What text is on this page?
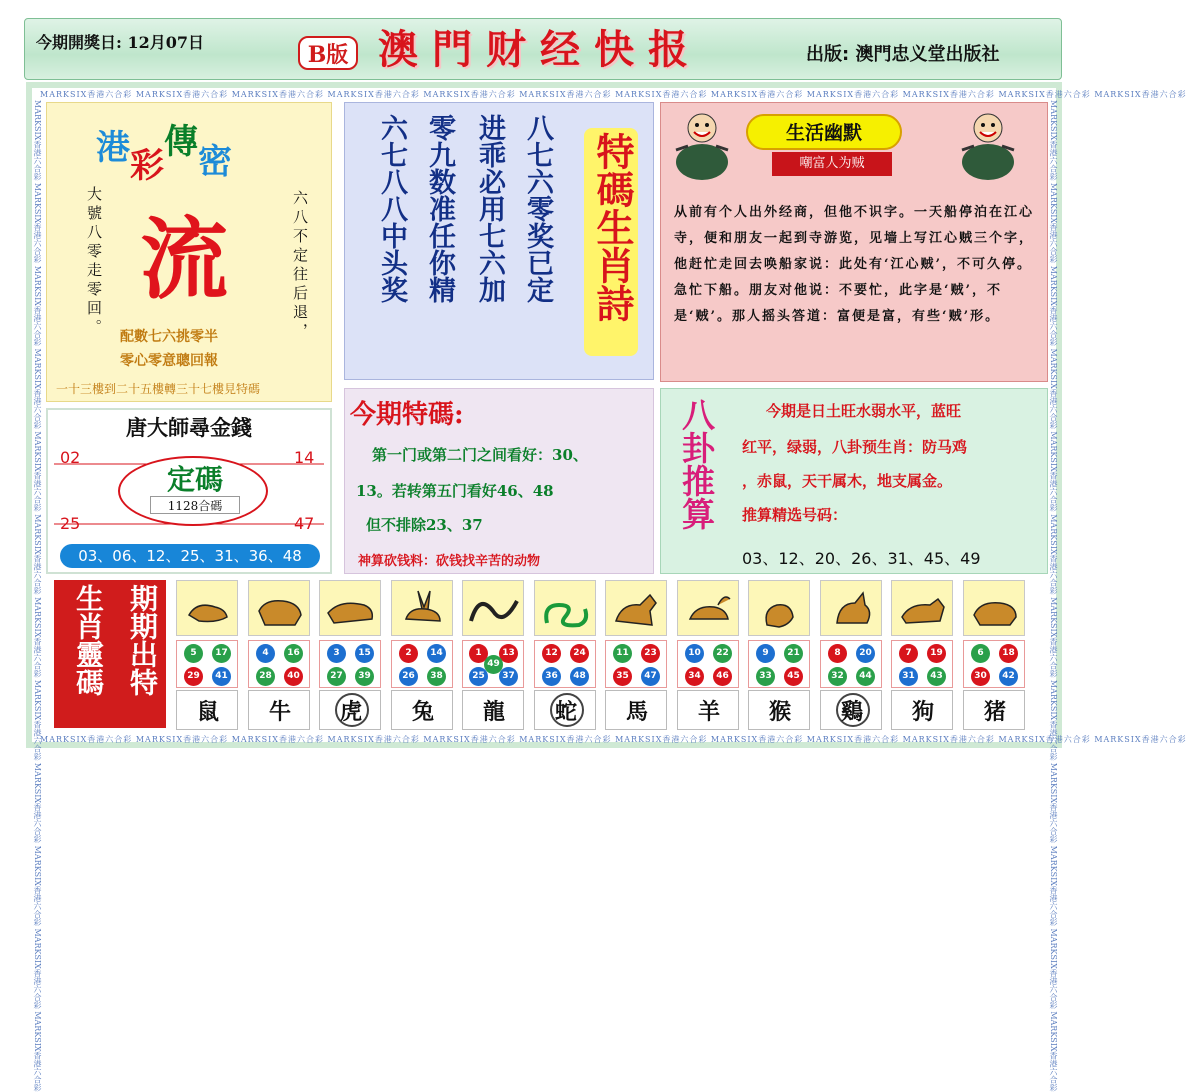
今期開獎日: 12月07日	B版 澳門财经快报	出版: 澳門忠义堂出版社
MARKSIX香港六合彩 MARKSIX香港六合彩 MARKSIX香港六合彩 MARKSIX香港六合彩 MARKSIX香港六合彩 MARKSIX香港六合彩 MARKSIX香港六合彩 MARKSIX香港六合彩 MARKSIX香港六合彩 MARKSIX香港六合彩 MARKSIX香港六合彩 MARKSIX香港六合彩
MARKSIX香港六合彩 MARKSIX香港六合彩 MARKSIX香港六合彩 MARKSIX香港六合彩 MARKSIX香港六合彩 MARKSIX香港六合彩 MARKSIX香港六合彩 MARKSIX香港六合彩 MARKSIX香港六合彩 MARKSIX香港六合彩 MARKSIX香港六合彩 MARKSIX香港六合彩
MARKSIX香港六合彩 MARKSIX香港六合彩 MARKSIX香港六合彩 MARKSIX香港六合彩 MARKSIX香港六合彩 MARKSIX香港六合彩 MARKSIX香港六合彩 MARKSIX香港六合彩 MARKSIX香港六合彩 MARKSIX香港六合彩 MARKSIX香港六合彩 MARKSIX香港六合彩	MARKSIX香港六合彩 MARKSIX香港六合彩 MARKSIX香港六合彩 MARKSIX香港六合彩 MARKSIX香港六合彩 MARKSIX香港六合彩 MARKSIX香港六合彩 MARKSIX香港六合彩 MARKSIX香港六合彩 MARKSIX香港六合彩 MARKSIX香港六合彩 MARKSIX香港六合彩
港彩傳密
流
大號八零走零回。	六八不定往后退，
配數七六挑零半
零心零意聰回報
一十三樓到二十五樓轉三十七樓見特碼
八七六零奖已定
进乖必用七六加
零九数准任你精
六七八八中头奖	特碼生肖詩	生活幽默
嘲富人为贼
从前有个人出外经商，但他不识字。一天船停泊在江心寺，便和朋友一起到寺游览，见墙上写江心贼三个字，他赶忙走回去唤船家说：此处有‘江心贼’，不可久停。急忙下船。朋友对他说：不要忙，此字是‘贼’，不是‘贼’。那人摇头答道：富便是富，有些‘贼’形。
唐大師尋金錢
02	14
25	47
定碼
1128合碼
03、06、12、25、31、36、48
今期特碼:
第一门或第二门之间看好：30、
13。若转第五门看好46、48
但不排除23、37
神算砍钱料：砍钱找辛苦的动物
八卦推算	今期是日土旺水弱水平，蓝旺
红平，绿弱，八卦预生肖：防马鸡
，赤鼠，天干属木，地支属金。
推算精选号码：
03、12、20、26、31、45、49
期期出特
生肖靈碼	5	17
29	41
鼠
4	16
28	40
牛
3	15
27	39
虎
2	14
26	38
兔
1	13
25	37
49
龍
12	24
36	48
蛇
11	23
35	47
馬
10	22
34	46
羊
9	21
33	45
猴
8	20
32	44
鷄
7	19
31	43
狗
6	18
30	42
猪
